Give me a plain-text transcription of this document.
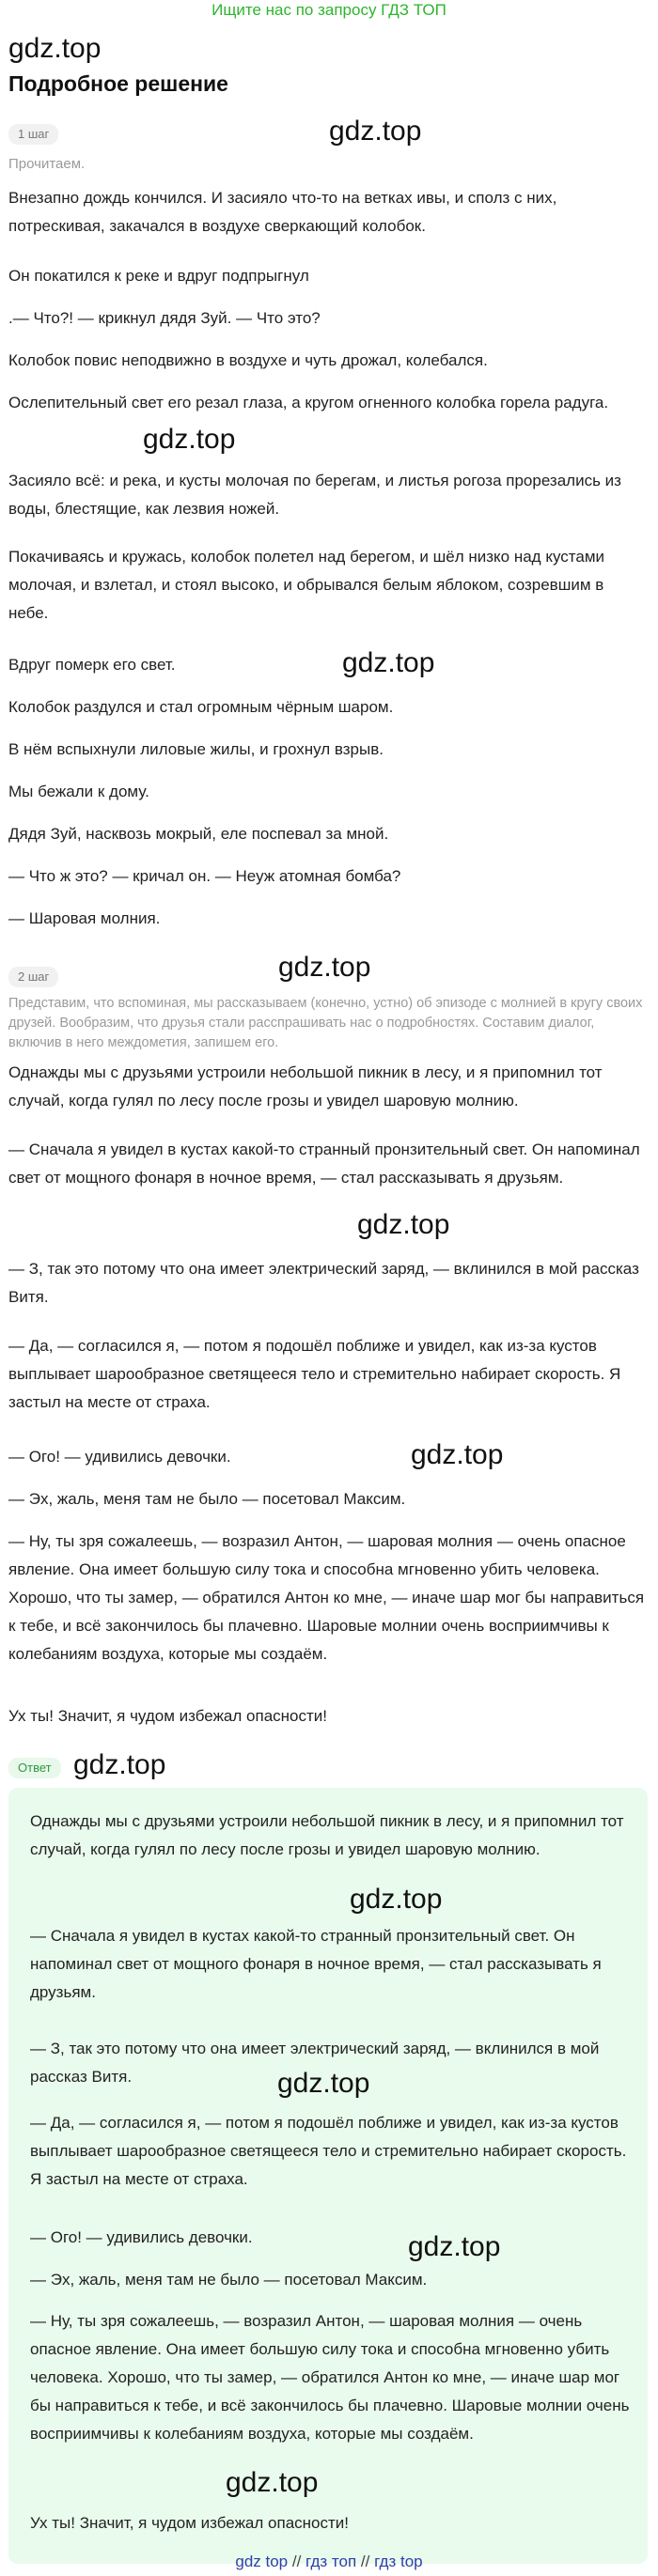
Ищите нас по запросу ГДЗ ТОП
gdz.top
gdz.top
gdz.top
gdz.top
gdz.top
gdz.top
gdz.top
gdz.top
Подробное решение
1 шаг
Прочитаем.

Внезапно дождь кончился. И засияло что-то на ветках ивы, и сполз с них, потрескивая, закачался в воздухе сверкающий колобок.

Он покатился к реке и вдруг подпрыгнул

.— Что?! — крикнул дядя Зуй. — Что это?

Колобок повис неподвижно в воздухе и чуть дрожал, колебался.

Ослепительный свет его резал глаза, а кругом огненного колобка горела радуга.

Засияло всё: и река, и кусты молочая по берегам, и листья рогоза прорезались из воды, блестящие, как лезвия ножей.

Покачиваясь и кружась, колобок полетел над берегом, и шёл низко над кустами молочая, и взлетал, и стоял высоко, и обрывался белым яблоком, созревшим в небе.

Вдруг померк его свет.

Колобок раздулся и стал огромным чёрным шаром.

В нём вспыхнули лиловые жилы, и грохнул взрыв.

Мы бежали к дому.

Дядя Зуй, насквозь мокрый, еле поспевал за мной.

— Что ж это? — кричал он. — Неуж атомная бомба?

— Шаровая молния.

2 шаг
Представим, что вспоминая, мы рассказываем (конечно, устно) об эпизоде с молнией в кругу своих друзей. Вообразим, что друзья стали расспрашивать нас о подробностях. Составим диалог, включив в него междометия, запишем его.

Однажды мы с друзьями устроили небольшой пикник в лесу, и я припомнил тот случай, когда гулял по лесу после грозы и увидел шаровую молнию.

— Сначала я увидел в кустах какой-то странный пронзительный свет. Он напоминал свет от мощного фонаря в ночное время, — стал рассказывать я друзьям.

— З, так это потому что она имеет электрический заряд, — вклинился в мой рассказ Витя.

— Да, — согласился я, — потом я подошёл поближе и увидел, как из-за кустов выплывает шарообразное светящееся тело и стремительно набирает скорость. Я застыл на месте от страха.

— Ого! — удивились девочки.

— Эх, жаль, меня там не было — посетовал Максим.

— Ну, ты зря сожалеешь, — возразил Антон, — шаровая молния — очень опасное явление. Она имеет большую силу тока и способна мгновенно убить человека. Хорошо, что ты замер, — обратился Антон ко мне, — иначе шар мог бы направиться к тебе, и всё закончилось бы плачевно. Шаровые молнии очень восприимчивы к колебаниям воздуха, которые мы создаём.

Ух ты! Значит, я чудом избежал опасности!

Ответ
gdz.top
gdz.top
gdz.top
gdz.top

Однажды мы с друзьями устроили небольшой пикник в лесу, и я припомнил тот случай, когда гулял по лесу после грозы и увидел шаровую молнию.

— Сначала я увидел в кустах какой-то странный пронзительный свет. Он напоминал свет от мощного фонаря в ночное время, — стал рассказывать я друзьям.

— З, так это потому что она имеет электрический заряд, — вклинился в мой рассказ Витя.

— Да, — согласился я, — потом я подошёл поближе и увидел, как из-за кустов выплывает шарообразное светящееся тело и стремительно набирает скорость. Я застыл на месте от страха.

— Ого! — удивились девочки.

— Эх, жаль, меня там не было — посетовал Максим.

— Ну, ты зря сожалеешь, — возразил Антон, — шаровая молния — очень опасное явление. Она имеет большую силу тока и способна мгновенно убить человека. Хорошо, что ты замер, — обратился Антон ко мне, — иначе шар мог бы направиться к тебе, и всё закончилось бы плачевно. Шаровые молнии очень восприимчивы к колебаниям воздуха, которые мы создаём.

Ух ты! Значит, я чудом избежал опасности!

gdz top // гдз топ // гдз top
